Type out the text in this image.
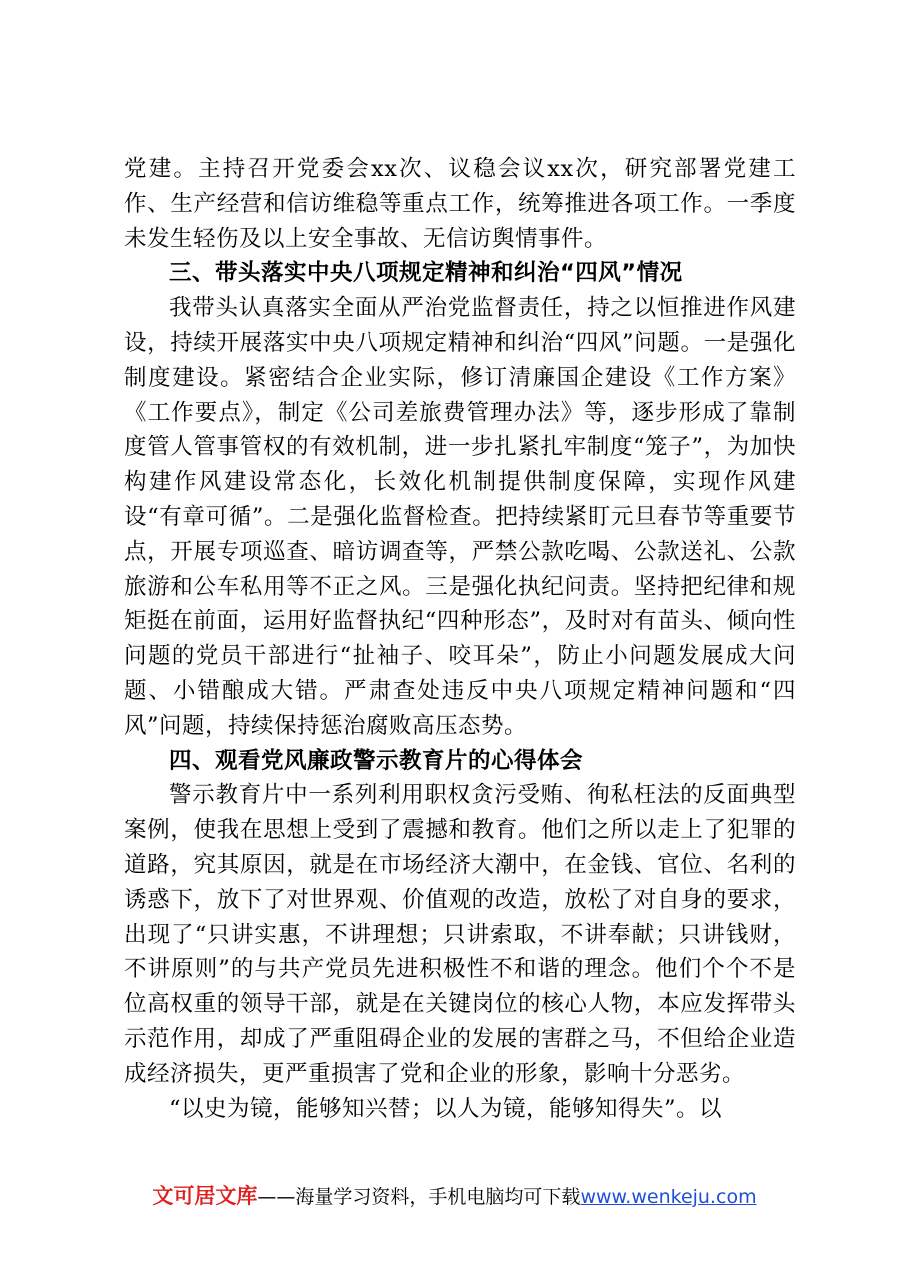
党建。主持召开党委会xx次、议稳会议xx次，研究部署党建工作、生产经营和信访维稳等重点工作，统筹推进各项工作。一季度未发生轻伤及以上安全事故、无信访舆情事件。

三、带头落实中央八项规定精神和纠治“四风”情况

我带头认真落实全面从严治党监督责任，持之以恒推进作风建设，持续开展落实中央八项规定精神和纠治“四风”问题。一是强化制度建设。紧密结合企业实际，修订清廉国企建设《工作方案》《工作要点》，制定《公司差旅费管理办法》等，逐步形成了靠制度管人管事管权的有效机制，进一步扎紧扎牢制度“笼子”，为加快构建作风建设常态化，长效化机制提供制度保障，实现作风建设“有章可循”。二是强化监督检查。把持续紧盯元旦春节等重要节点，开展专项巡查、暗访调查等，严禁公款吃喝、公款送礼、公款旅游和公车私用等不正之风。三是强化执纪问责。坚持把纪律和规矩挺在前面，运用好监督执纪“四种形态”，及时对有苗头、倾向性问题的党员干部进行“扯袖子、咬耳朵”，防止小问题发展成大问题、小错酿成大错。严肃查处违反中央八项规定精神问题和“四风”问题，持续保持惩治腐败高压态势。

四、观看党风廉政警示教育片的心得体会

警示教育片中一系列利用职权贪污受贿、徇私枉法的反面典型案例，使我在思想上受到了震撼和教育。他们之所以走上了犯罪的道路，究其原因，就是在市场经济大潮中，在金钱、官位、名利的诱惑下，放下了对世界观、价值观的改造，放松了对自身的要求，出现了“只讲实惠，不讲理想；只讲索取，不讲奉献；只讲钱财，不讲原则”的与共产党员先进积极性不和谐的理念。他们个个不是位高权重的领导干部，就是在关键岗位的核心人物，本应发挥带头示范作用，却成了严重阻碍企业的发展的害群之马，不但给企业造成经济损失，更严重损害了党和企业的形象，影响十分恶劣。

“以史为镜，能够知兴替；以人为镜，能够知得失”。以

文可居文库——海量学习资料，手机电脑均可下载www.wenkeju.com
